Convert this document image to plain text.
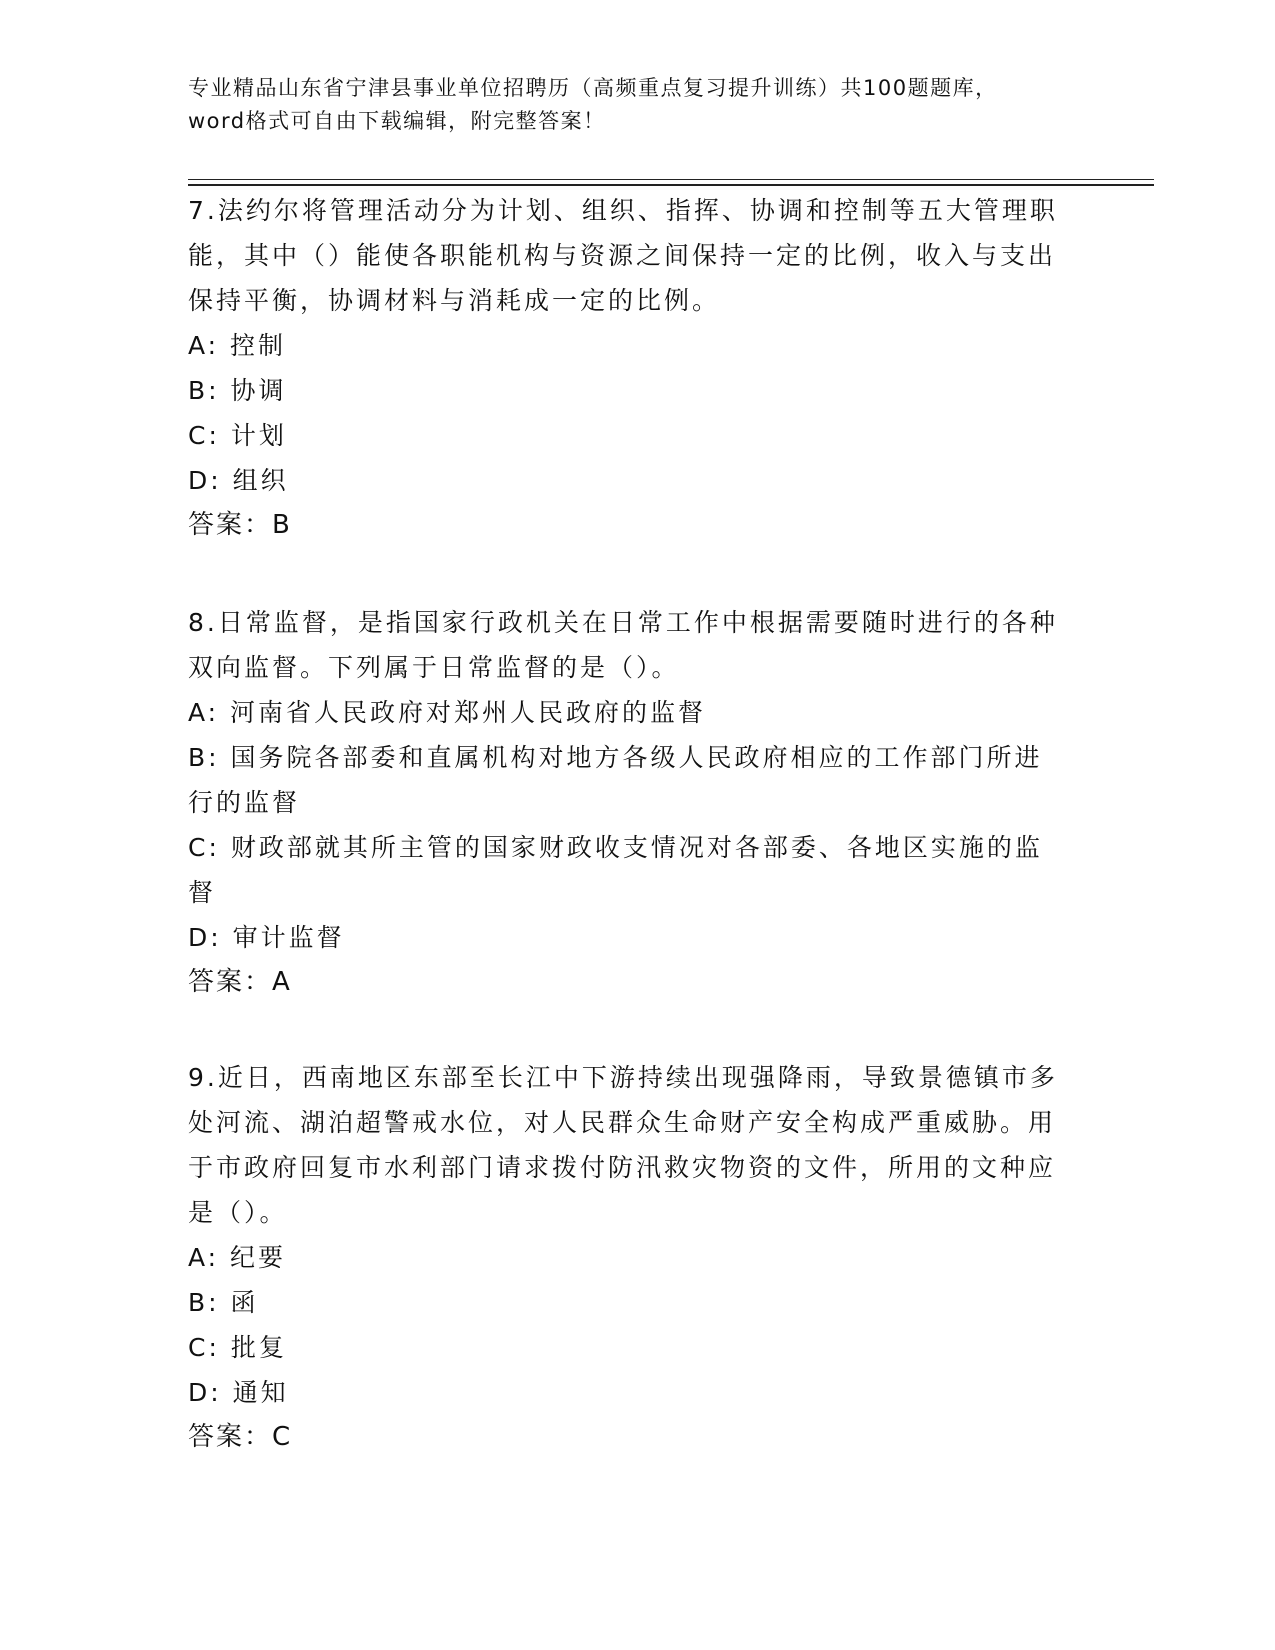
专业精品山东省宁津县事业单位招聘历（高频重点复习提升训练）共100题题库，word格式可自由下载编辑，附完整答案！
7.法约尔将管理活动分为计划、组织、指挥、协调和控制等五大管理职能，其中（）能使各职能机构与资源之间保持一定的比例，收入与支出保持平衡，协调材料与消耗成一定的比例。
A: 控制
B: 协调
C: 计划
D: 组织
答案：B
8.日常监督，是指国家行政机关在日常工作中根据需要随时进行的各种双向监督。下列属于日常监督的是（）。
A: 河南省人民政府对郑州人民政府的监督
B: 国务院各部委和直属机构对地方各级人民政府相应的工作部门所进行的监督
C: 财政部就其所主管的国家财政收支情况对各部委、各地区实施的监督
D: 审计监督
答案：A
9.近日，西南地区东部至长江中下游持续出现强降雨，导致景德镇市多处河流、湖泊超警戒水位，对人民群众生命财产安全构成严重威胁。用于市政府回复市水利部门请求拨付防汛救灾物资的文件，所用的文种应是（）。
A: 纪要
B: 函
C: 批复
D: 通知
答案：C
